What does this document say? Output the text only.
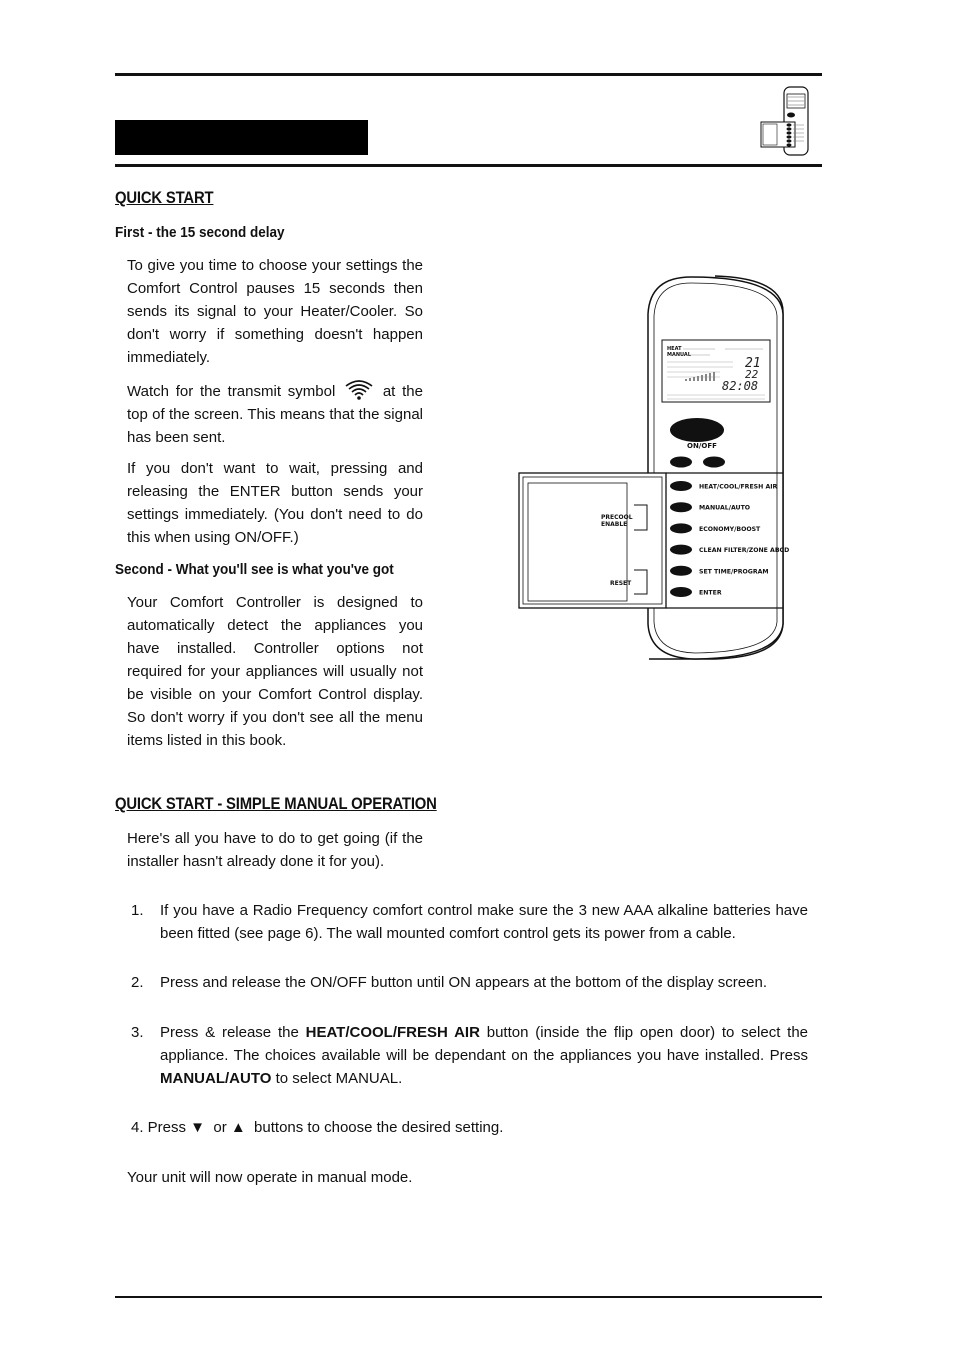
QUICK START
First - the 15 second delay

To give you time to choose your settings the Comfort Control pauses 15 seconds then sends its signal to your Heater/Cooler. So don't worry if something doesn't happen immediately.

Watch for the transmit symbol	at the top of the screen. This means that the signal has been sent.

If you don't want to wait, pressing and releasing the ENTER button sends your settings immediately. (You don't need to do this when using ON/OFF.)

Second - What you'll see is what you've got

Your Comfort Controller is designed to automatically detect the appliances you have installed. Controller options not required for your appliances will usually not be visible on your Comfort Control display. So don't worry if you don't see all the menu items listed in this book.

HEAT
MANUAL
21
22
82:08
ON/OFF
PRECOOL
ENABLE
RESET
HEAT/COOL/FRESH AIR
MANUAL/AUTO
ECONOMY/BOOST
CLEAN FILTER/ZONE ABCD
SET TIME/PROGRAM
ENTER
QUICK START - SIMPLE MANUAL OPERATION

Here's all you have to do to get going (if the installer hasn't already done it for you).

1. If you have a Radio Frequency comfort control make sure the 3 new AAA alkaline batteries have been fitted (see page 6). The wall mounted comfort control gets its power from a cable.

2. Press and release the ON/OFF button until ON appears at the bottom of the display screen.

3. Press & release the HEAT/COOL/FRESH AIR button (inside the flip open door) to select the appliance. The choices available will be dependant on the appliances you have installed. Press MANUAL/AUTO to select MANUAL.

4. Press ▼  or ▲  buttons to choose the desired setting.
Your unit will now operate in manual mode.
